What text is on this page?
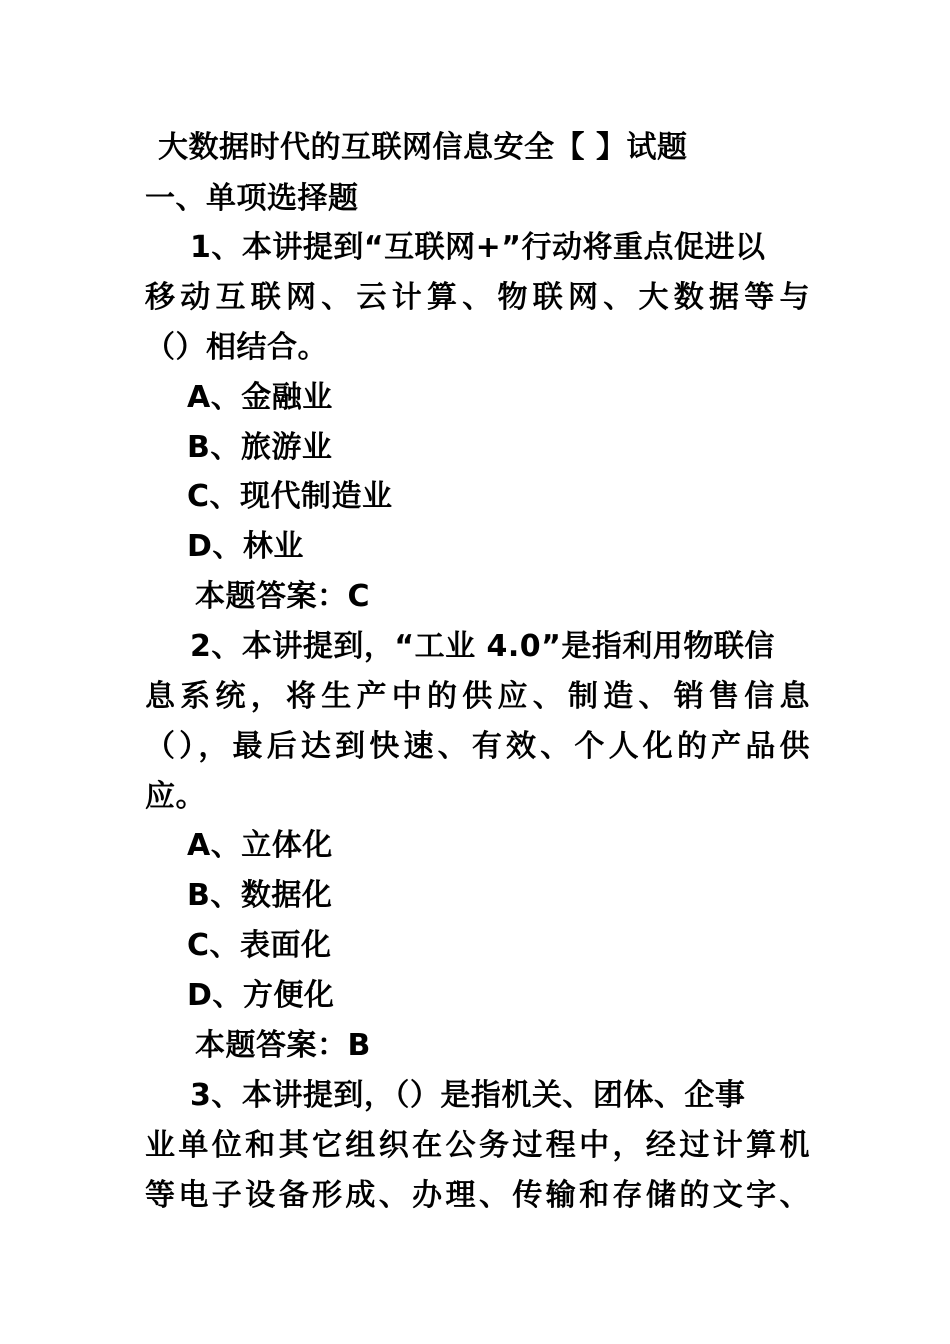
大数据时代的互联网信息安全【 】试题
一、单项选择题
1、本讲提到“互联网+”行动将重点促进以
移动互联网、云计算、物联网、大数据等与
（）相结合。
A、金融业
B、旅游业
C、现代制造业
D、林业
本题答案：C
2、本讲提到，“工业 4.0”是指利用物联信
息系统，将生产中的供应、制造、销售信息
（），最后达到快速、有效、个人化的产品供
应。
A、立体化
B、数据化
C、表面化
D、方便化
本题答案：B
3、本讲提到，（）是指机关、团体、企事
业单位和其它组织在公务过程中，经过计算机
等电子设备形成、办理、传输和存储的文字、
